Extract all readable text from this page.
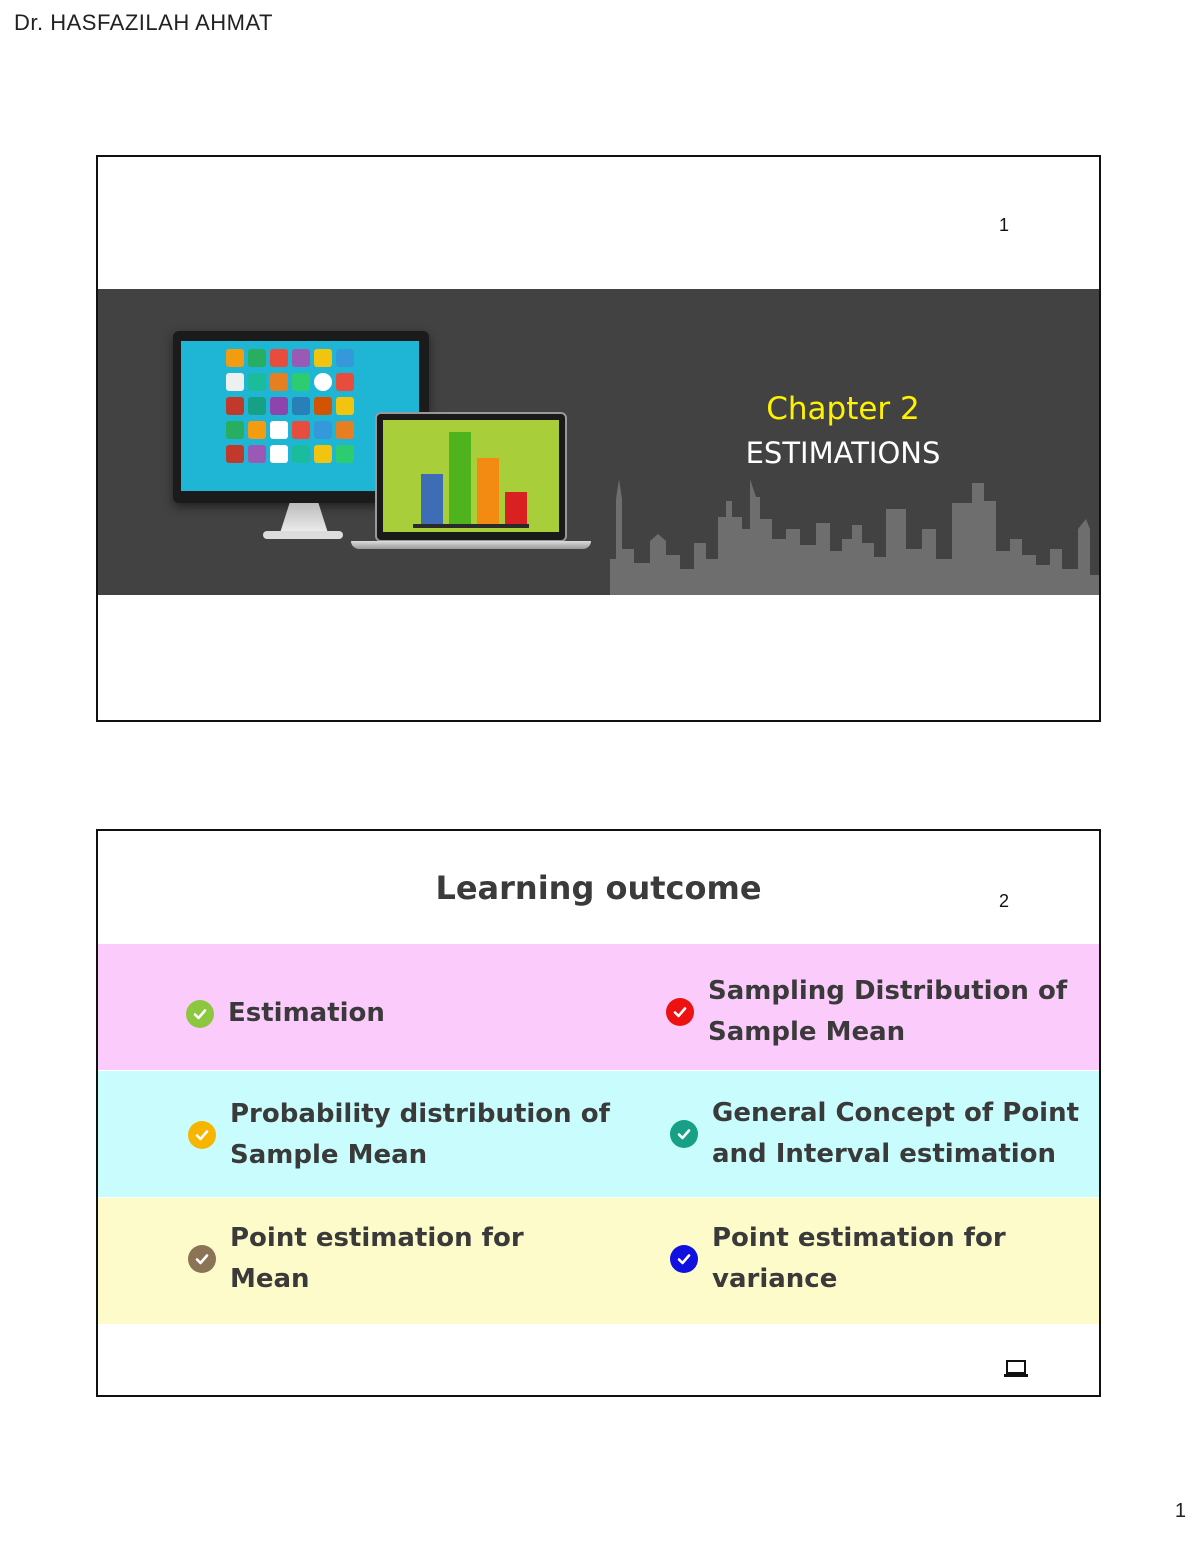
Dr. HASFAZILAH AHMAT
1
Chapter 2
ESTIMATIONS
Learning outcome	2
Estimation
Sampling Distribution of
Sample Mean
Probability distribution of
Sample Mean
General Concept of Point
and Interval estimation
Point estimation for
Mean
Point estimation for
variance
1
